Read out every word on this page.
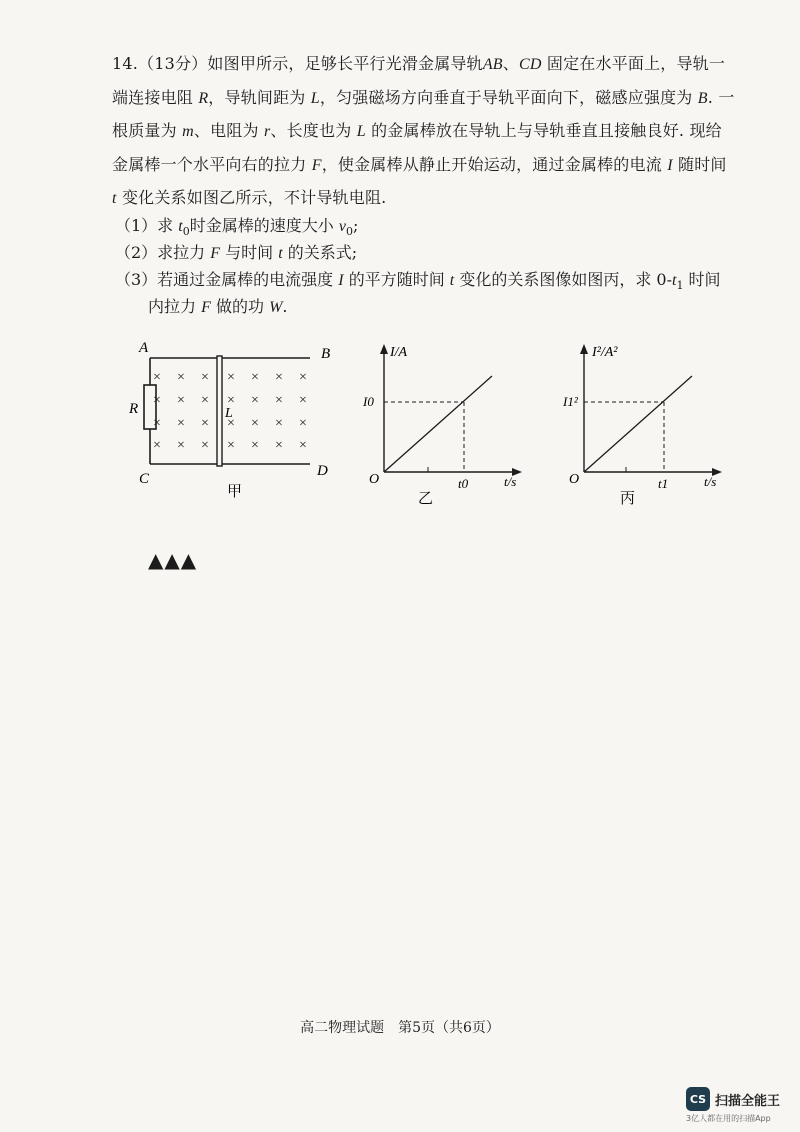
14.（13分）如图甲所示，足够长平行光滑金属导轨AB、CD 固定在水平面上，导轨一
端连接电阻 R，导轨间距为 L，匀强磁场方向垂直于导轨平面向下，磁感应强度为 B. 一
根质量为 m、电阻为 r、长度也为 L 的金属棒放在导轨上与导轨垂直且接触良好. 现给
金属棒一个水平向右的拉力 F，使金属棒从静止开始运动，通过金属棒的电流 I 随时间
t 变化关系如图乙所示，不计导轨电阻.
（1）求 $t_0$时金属棒的速度大小 $v_0$;
（2）求拉力 F 与时间 t 的关系式;
（3）若通过金属棒的电流强度 I 的平方随时间 t 变化的关系图像如图丙，求 $0-t_1$ 时间
内拉力 F 做的功 W.
A	B
C	D
R	L
× × × × × × ×
× × × × × × ×
× × × × × × ×
× × × × × × ×
甲
I/A
t/s
O
I0
t0
乙
I²/A²
t/s
O
I1²
t1
丙
▲▲▲
高二物理试题　第5页（共6页）
CS 扫描全能王
3亿人都在用的扫描App
